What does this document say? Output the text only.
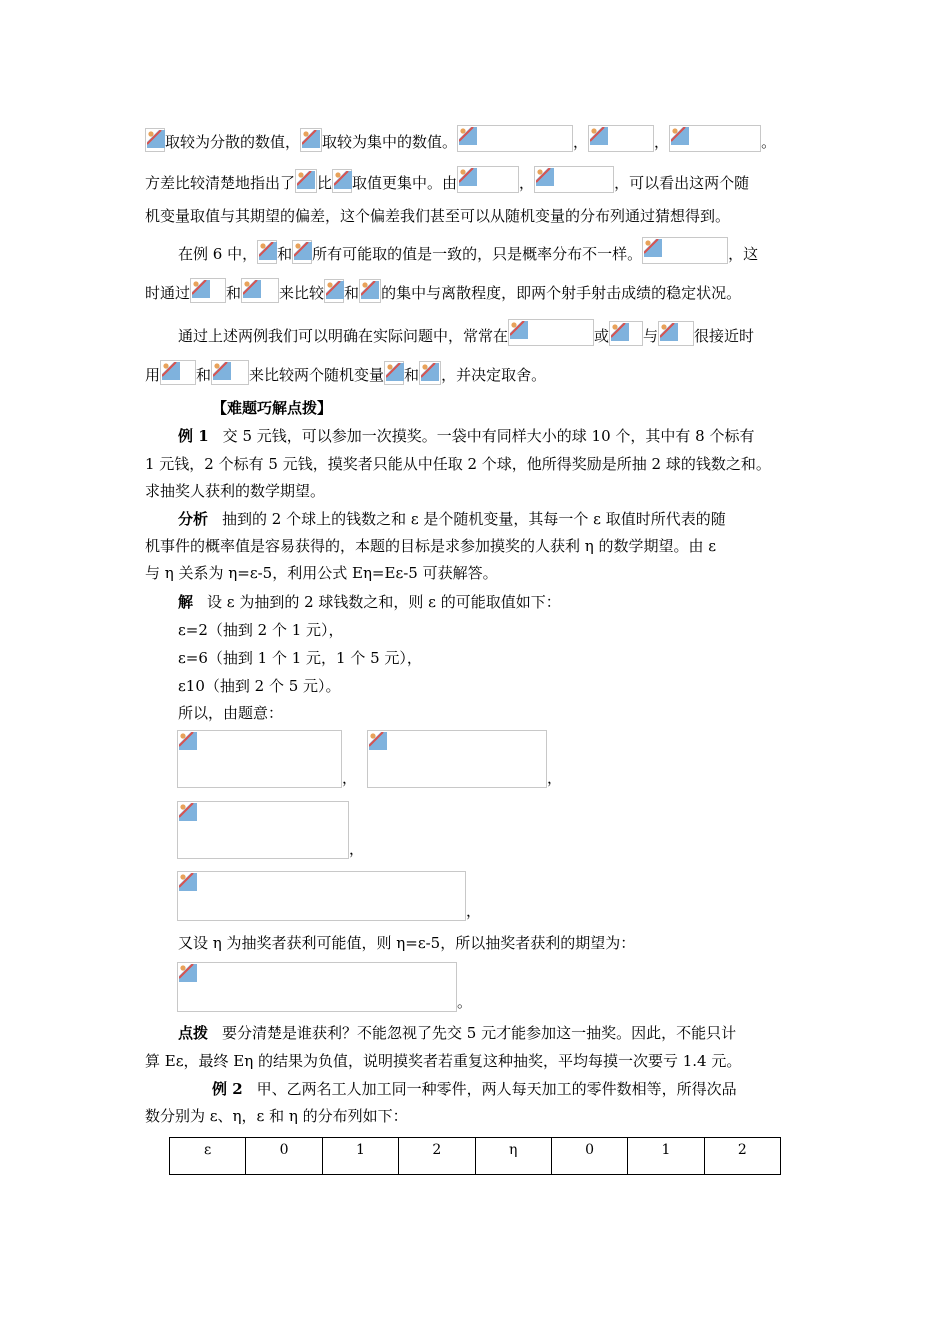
取较为分散的数值， 取较为集中的数值。	，	，	。
方差比较清楚地指出了 比 取值更集中。由	，	，可以看出这两个随
机变量取值与其期望的偏差，这个偏差我们甚至可以从随机变量的分布列通过猜想得到。
在例 6 中， 和 所有可能取的值是一致的，只是概率分布不一样。	，这
时通过 和	来比较 和 的集中与离散程度，即两个射手射击成绩的稳定状况。
通过上述两例我们可以明确在实际问题中，常常在	或 与 很接近时
用 和	来比较两个随机变量 和 ，并决定取舍。
【难题巧解点拨】
例 1 交 5 元钱，可以参加一次摸奖。一袋中有同样大小的球 10 个，其中有 8 个标有
1 元钱，2 个标有 5 元钱，摸奖者只能从中任取 2 个球，他所得奖励是所抽 2 球的钱数之和。
求抽奖人获利的数学期望。
分析 抽到的 2 个球上的钱数之和 ε 是个随机变量，其每一个 ε 取值时所代表的随
机事件的概率值是容易获得的，本题的目标是求参加摸奖的人获利 η 的数学期望。由 ε
与 η 关系为 η=ε-5，利用公式 Eη=Eε-5 可获解答。
解 设 ε 为抽到的 2 球钱数之和，则 ε 的可能取值如下：
ε=2（抽到 2 个 1 元），
ε=6（抽到 1 个 1 元，1 个 5 元），
ε10（抽到 2 个 5 元）。
所以，由题意：
，	，
，
，
又设 η 为抽奖者获利可能值，则 η=ε-5，所以抽奖者获利的期望为：
。
点拨 要分清楚是谁获利？不能忽视了先交 5 元才能参加这一抽奖。因此，不能只计
算 Eε，最终 Eη 的结果为负值，说明摸奖者若重复这种抽奖，平均每摸一次要亏 1.4 元。
例 2 甲、乙两名工人加工同一种零件，两人每天加工的零件数相等，所得次品
数分别为 ε、η，ε 和 η 的分布列如下：
ε	0	1	2	η	0	1	2
